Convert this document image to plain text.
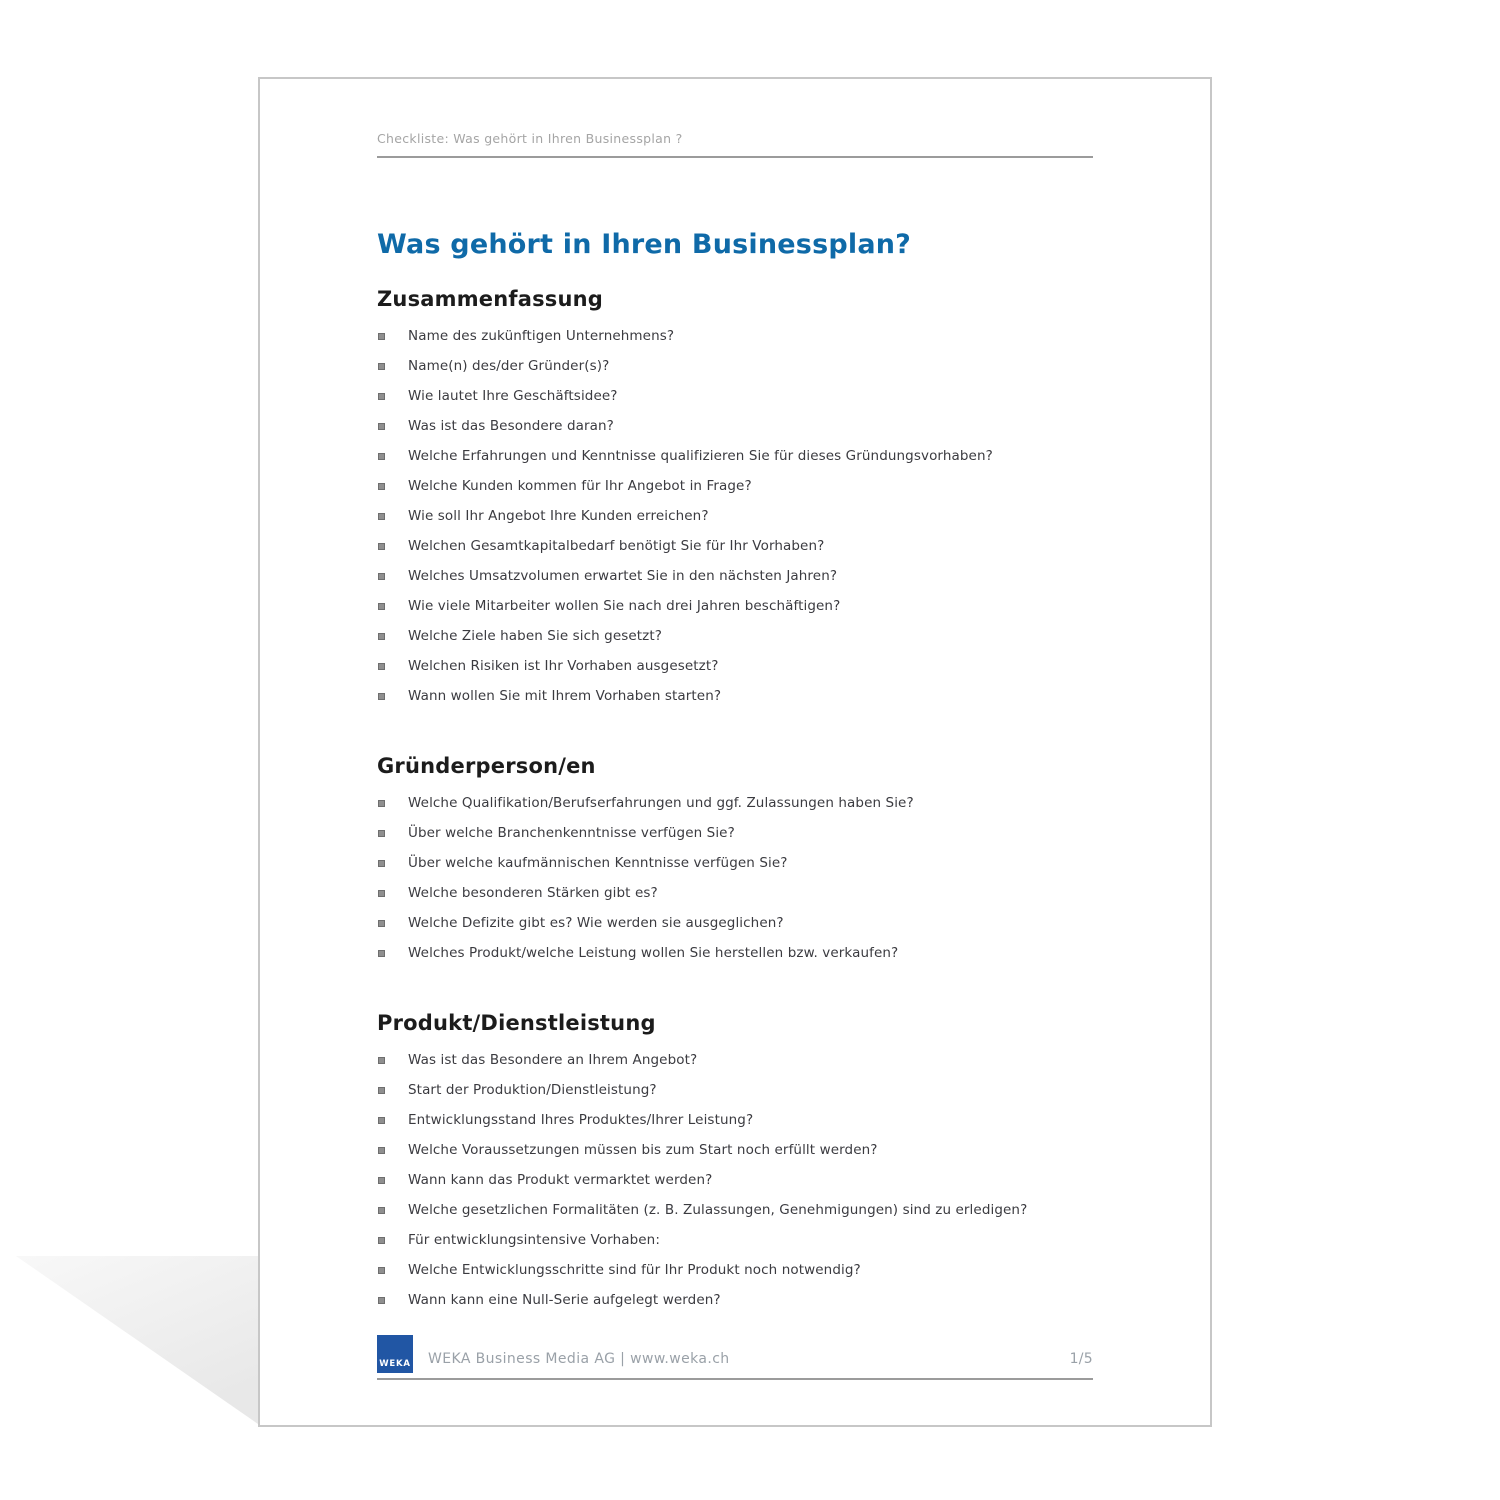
Checkliste: Was gehört in Ihren Businessplan ?
Was gehört in Ihren Businessplan?
Zusammenfassung
Name des zukünftigen Unternehmens?
Name(n) des/der Gründer(s)?
Wie lautet Ihre Geschäftsidee?
Was ist das Besondere daran?
Welche Erfahrungen und Kenntnisse qualifizieren Sie für dieses Gründungsvorhaben?
Welche Kunden kommen für Ihr Angebot in Frage?
Wie soll Ihr Angebot Ihre Kunden erreichen?
Welchen Gesamtkapitalbedarf benötigt Sie für Ihr Vorhaben?
Welches Umsatzvolumen erwartet Sie in den nächsten Jahren?
Wie viele Mitarbeiter wollen Sie nach drei Jahren beschäftigen?
Welche Ziele haben Sie sich gesetzt?
Welchen Risiken ist Ihr Vorhaben ausgesetzt?
Wann wollen Sie mit Ihrem Vorhaben starten?
Gründerperson/en
Welche Qualifikation/Berufserfahrungen und ggf. Zulassungen haben Sie?
Über welche Branchenkenntnisse verfügen Sie?
Über welche kaufmännischen Kenntnisse verfügen Sie?
Welche besonderen Stärken gibt es?
Welche Defizite gibt es? Wie werden sie ausgeglichen?
Welches Produkt/welche Leistung wollen Sie herstellen bzw. verkaufen?
Produkt/Dienstleistung
Was ist das Besondere an Ihrem Angebot?
Start der Produktion/Dienstleistung?
Entwicklungsstand Ihres Produktes/Ihrer Leistung?
Welche Voraussetzungen müssen bis zum Start noch erfüllt werden?
Wann kann das Produkt vermarktet werden?
Welche gesetzlichen Formalitäten (z. B. Zulassungen, Genehmigungen) sind zu erledigen?
Für entwicklungsintensive Vorhaben:
Welche Entwicklungsschritte sind für Ihr Produkt noch notwendig?
Wann kann eine Null-Serie aufgelegt werden?
WEKA WEKA Business Media AG | www.weka.ch	1/5
